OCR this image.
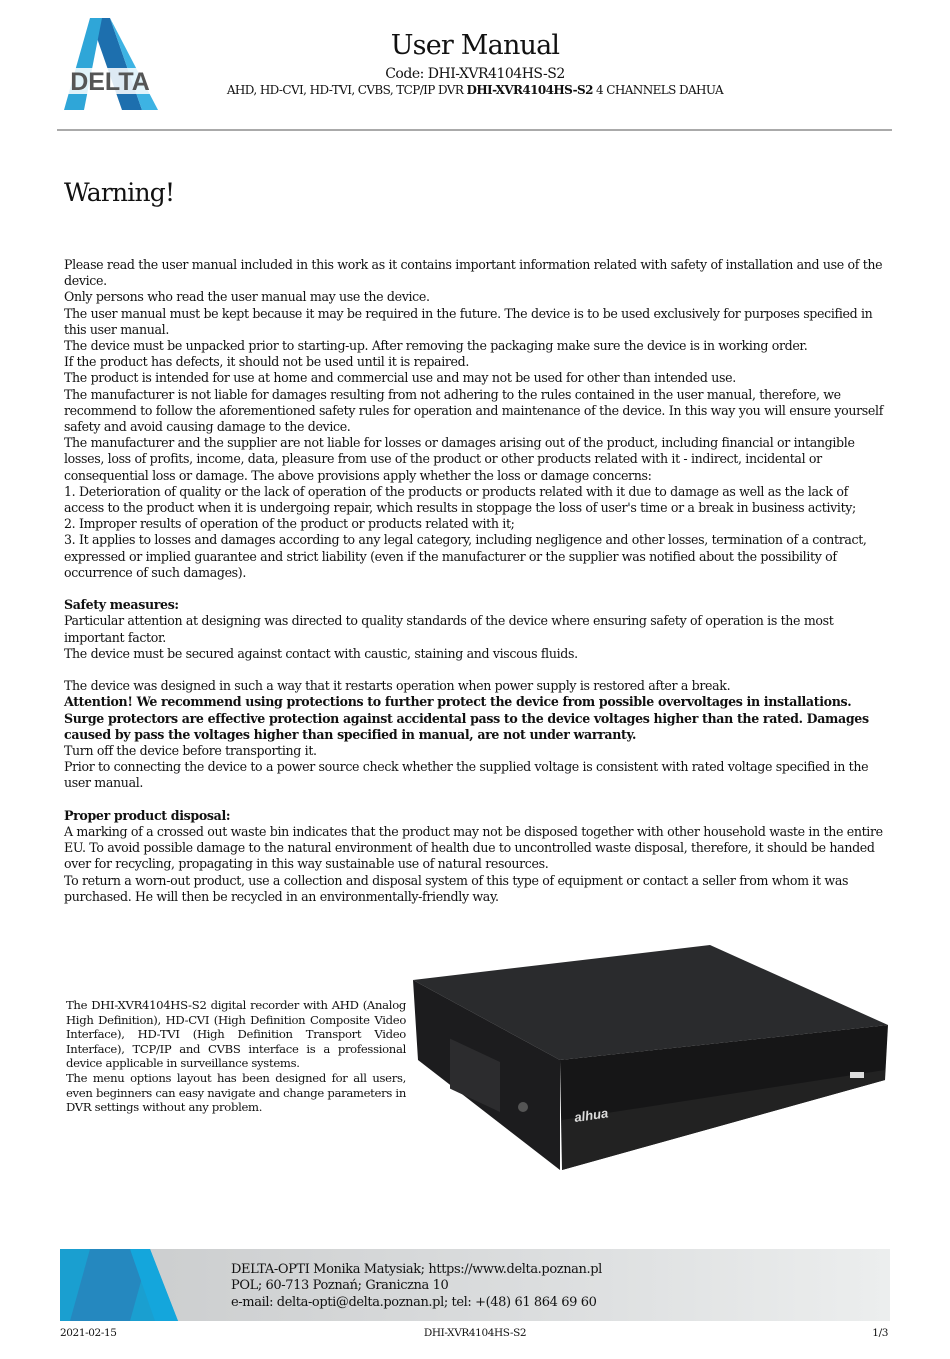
DELTA
User Manual
Code: DHI-XVR4104HS-S2
AHD, HD-CVI, HD-TVI, CVBS, TCP/IP DVR DHI-XVR4104HS-S2 4 CHANNELS DAHUA
Warning!

Please read the user manual included in this work as it contains important information related with safety of installation and use of the device.

Only persons who read the user manual may use the device.

The user manual must be kept because it may be required in the future. The device is to be used exclusively for purposes specified in this user manual.

The device must be unpacked prior to starting-up. After removing the packaging make sure the device is in working order.

If the product has defects, it should not be used until it is repaired.

The product is intended for use at home and commercial use and may not be used for other than intended use.

The manufacturer is not liable for damages resulting from not adhering to the rules contained in the user manual, therefore, we recommend to follow the aforementioned safety rules for operation and maintenance of the device. In this way you will ensure yourself safety and avoid causing damage to the device.

The manufacturer and the supplier are not liable for losses or damages arising out of the product, including financial or intangible losses, loss of profits, income, data, pleasure from use of the product or other products related with it - indirect, incidental or consequential loss or damage. The above provisions apply whether the loss or damage concerns:

1. Deterioration of quality or the lack of operation of the products or products related with it due to damage as well as the lack of access to the product when it is undergoing repair, which results in stoppage the loss of user's time or a break in business activity;

2. Improper results of operation of the product or products related with it;

3. It applies to losses and damages according to any legal category, including negligence and other losses, termination of a contract, expressed or implied guarantee and strict liability (even if the manufacturer or the supplier was notified about the possibility of occurrence of such damages).

Safety measures:

Particular attention at designing was directed to quality standards of the device where ensuring safety of operation is the most important factor.

The device must be secured against contact with caustic, staining and viscous fluids.

The device was designed in such a way that it restarts operation when power supply is restored after a break.

Attention! We recommend using protections to further protect the device from possible overvoltages in installations. Surge protectors are effective protection against accidental pass to the device voltages higher than the rated. Damages caused by pass the voltages higher than specified in manual, are not under warranty.

Turn off the device before transporting it.

Prior to connecting the device to a power source check whether the supplied voltage is consistent with rated voltage specified in the user manual.

Proper product disposal:

A marking of a crossed out waste bin indicates that the product may not be disposed together with other household waste in the entire EU. To avoid possible damage to the natural environment of health due to uncontrolled waste disposal, therefore, it should be handed over for recycling, propagating in this way sustainable use of natural resources.

To return a worn-out product, use a collection and disposal system of this type of equipment or contact a seller from whom it was purchased. He will then be recycled in an environmentally-friendly way.

The DHI-XVR4104HS-S2 digital recorder with AHD (Analog High Definition), HD-CVI (High Definition Composite Video Interface), HD-TVI (High Definition Transport Video Interface), TCP/IP and CVBS interface is a professional device applicable in surveillance systems.

The menu options layout has been designed for all users, even beginners can easy navigate and change parameters in DVR settings without any problem.	alhua
DELTA-OPTI Monika Matysiak; https://www.delta.poznan.pl
POL; 60-713 Poznań; Graniczna 10
e-mail: delta-opti@delta.poznan.pl; tel: +(48) 61 864 69 60
2021-02-15	DHI-XVR4104HS-S2	1/3
